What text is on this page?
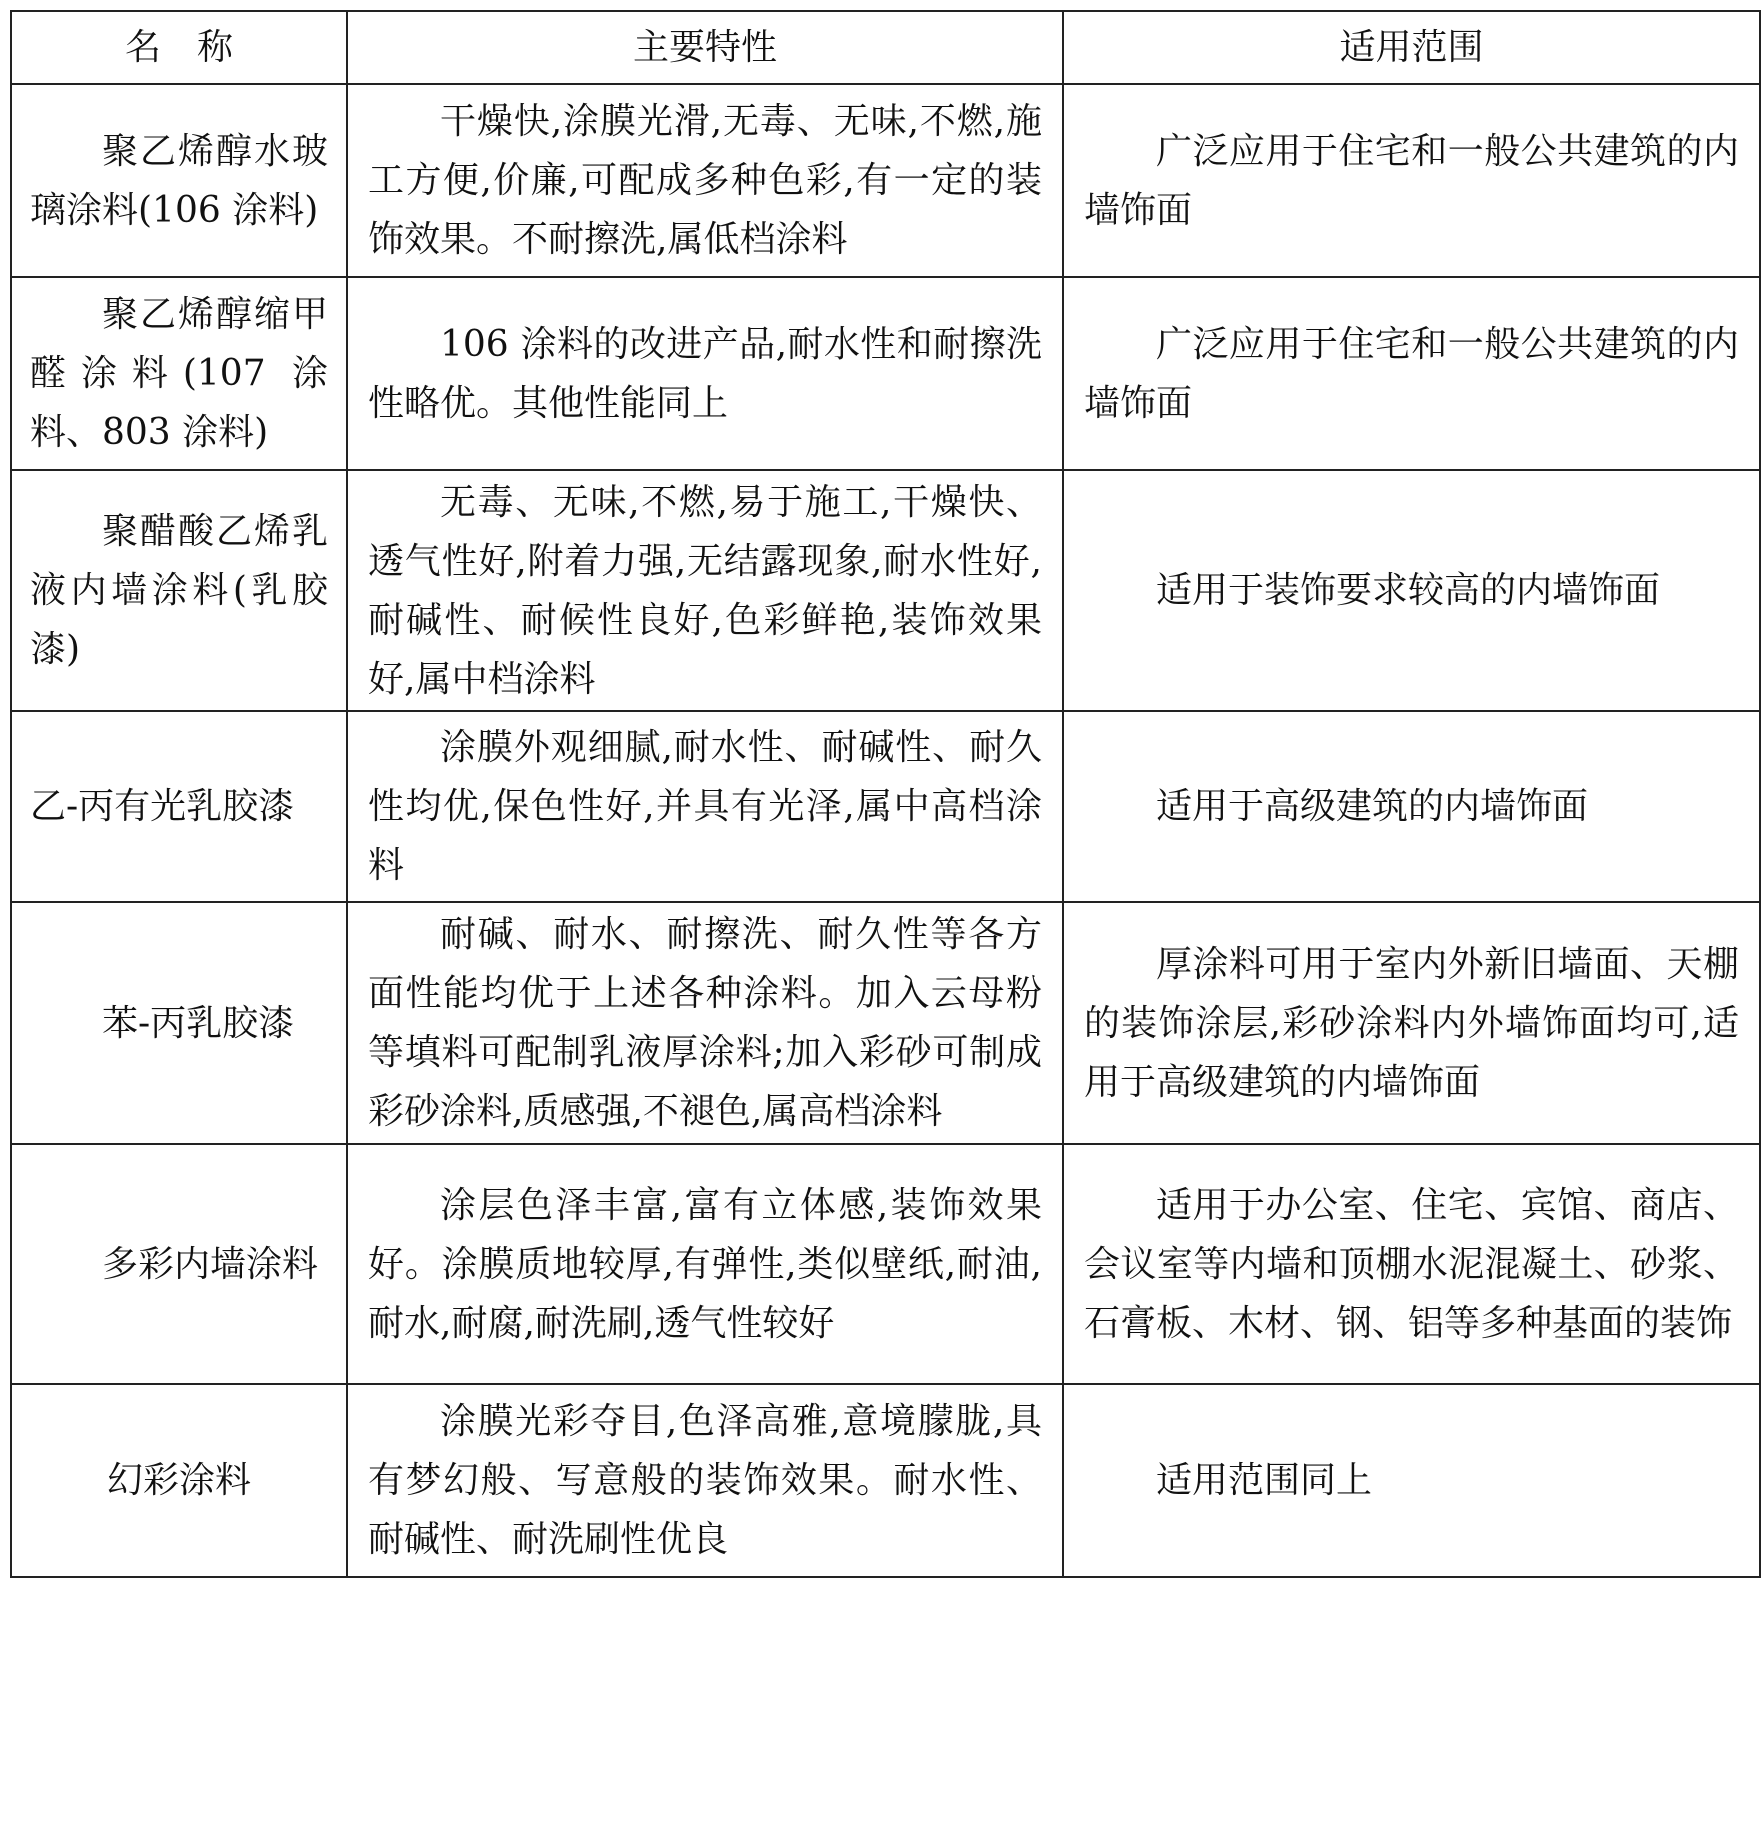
名　称	主要特性	适用范围
聚乙烯醇水玻璃涂料(106 涂料)	干燥快,涂膜光滑,无毒、无味,不燃,施工方便,价廉,可配成多种色彩,有一定的装饰效果。不耐擦洗,属低档涂料	广泛应用于住宅和一般公共建筑的内墙饰面
聚乙烯醇缩甲醛涂料(107 涂料、803 涂料)	106 涂料的改进产品,耐水性和耐擦洗性略优。其他性能同上	广泛应用于住宅和一般公共建筑的内墙饰面
聚醋酸乙烯乳液内墙涂料(乳胶漆)	无毒、无味,不燃,易于施工,干燥快、透气性好,附着力强,无结露现象,耐水性好,耐碱性、耐候性良好,色彩鲜艳,装饰效果好,属中档涂料	适用于装饰要求较高的内墙饰面
乙-丙有光乳胶漆	涂膜外观细腻,耐水性、耐碱性、耐久性均优,保色性好,并具有光泽,属中高档涂料	适用于高级建筑的内墙饰面
苯-丙乳胶漆	耐碱、耐水、耐擦洗、耐久性等各方面性能均优于上述各种涂料。加入云母粉等填料可配制乳液厚涂料;加入彩砂可制成彩砂涂料,质感强,不褪色,属高档涂料	厚涂料可用于室内外新旧墙面、天棚的装饰涂层,彩砂涂料内外墙饰面均可,适用于高级建筑的内墙饰面
多彩内墙涂料	涂层色泽丰富,富有立体感,装饰效果好。涂膜质地较厚,有弹性,类似壁纸,耐油,耐水,耐腐,耐洗刷,透气性较好	适用于办公室、住宅、宾馆、商店、会议室等内墙和顶棚水泥混凝土、砂浆、石膏板、木材、钢、铝等多种基面的装饰
幻彩涂料	涂膜光彩夺目,色泽高雅,意境朦胧,具有梦幻般、写意般的装饰效果。耐水性、耐碱性、耐洗刷性优良	适用范围同上
